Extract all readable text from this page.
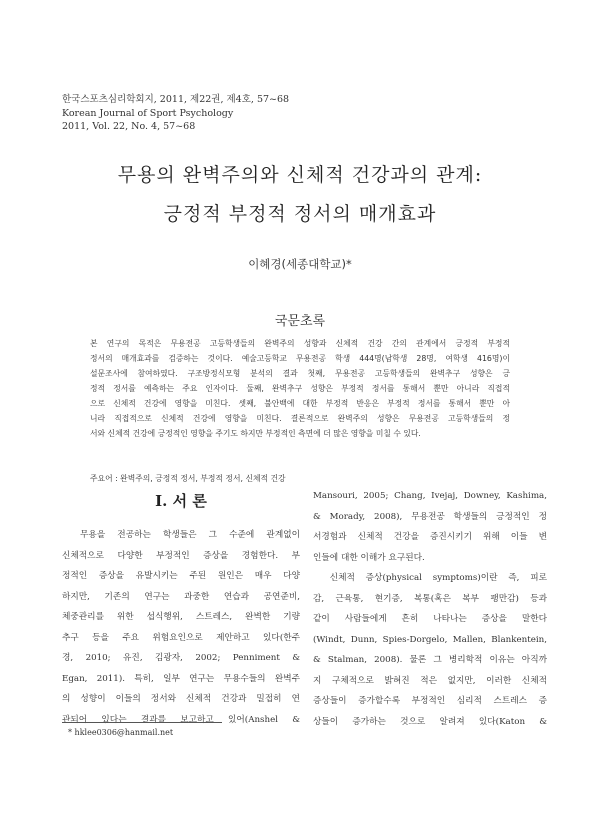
한국스포츠심리학회지, 2011, 제22권, 제4호, 57~68
Korean Journal of Sport Psychology
2011, Vol. 22, No. 4, 57~68
무용의 완벽주의와 신체적 건강과의 관계:
긍정적 부정적 정서의 매개효과
이혜경(세종대학교)*
국문초록
본 연구의 목적은 무용전공 고등학생들의 완벽주의 성향과 신체적 건강 간의 관계에서 긍정적 부정적
정서의 매개효과를 검증하는 것이다. 예술고등학교 무용전공 학생 444명(남학생 28명, 여학생 416명)이
설문조사에 참여하였다. 구조방정식모형 분석의 결과 첫째, 무용전공 고등학생들의 완벽추구 성향은 긍
정적 정서를 예측하는 주요 인자이다. 둘째, 완벽추구 성향은 부정적 정서를 통해서 뿐만 아니라 직접적
으로 신체적 건강에 영향을 미친다. 셋째, 불안백에 대한 부정적 반응은 부정적 정서를 통해서 뿐만 아
니라 직접적으로 신체적 건강에 영향을 미친다. 결론적으로 완벽주의 성향은 무용전공 고등학생들의 정
서와 신체적 건강에 긍정적인 영향을 주기도 하지만 부정적인 측면에 더 많은 영향을 미칠 수 있다.
주요어 : 완벽주의, 긍정적 정서, 부정적 정서, 신체적 건강
I. 서 론
　무용을 전공하는 학생들은 그 수준에 관계없이
신체적으로 다양한 부정적인 증상을 경험한다. 부
정적인 증상을 유발시키는 주된 원인은 매우 다양
하지만, 기존의 연구는 과중한 연습과 공연준비,
체중관리를 위한 섭식행위, 스트레스, 완벽한 기량
추구 등을 주요 위험요인으로 제안하고 있다(한주
경, 2010; 유진, 김광자, 2002; Penniment &
Egan, 2011). 특히, 일부 연구는 무용수들의 완벽주
의 성향이 이들의 정서와 신체적 건강과 밀접히 연
관되어 있다는 결과를 보고하고 있어(Anshel &
Mansouri, 2005; Chang, Ivejaj, Downey, Kashima,
& Morady, 2008), 무용전공 학생들의 긍정적인 정
서경험과 신체적 건강을 증진시키기 위해 이들 변
인들에 대한 이해가 요구된다.
　신체적 증상(physical symptoms)이란 즉, 피로
감, 근육통, 현기증, 복통(혹은 복부 팽만감) 등과
같이 사람들에게 흔히 나타나는 증상을 말한다
(Windt, Dunn, Spies-Dorgelo, Mallen, Blankentein,
& Stalman, 2008). 물론 그 병리학적 이유는 아직까
지 구체적으로 밝혀진 적은 없지만, 이러한 신체적
증상들이 증가할수록 부정적인 심리적 스트레스 증
상들이 증가하는 것으로 알려져 있다(Katon &
* hklee0306@hanmail.net
